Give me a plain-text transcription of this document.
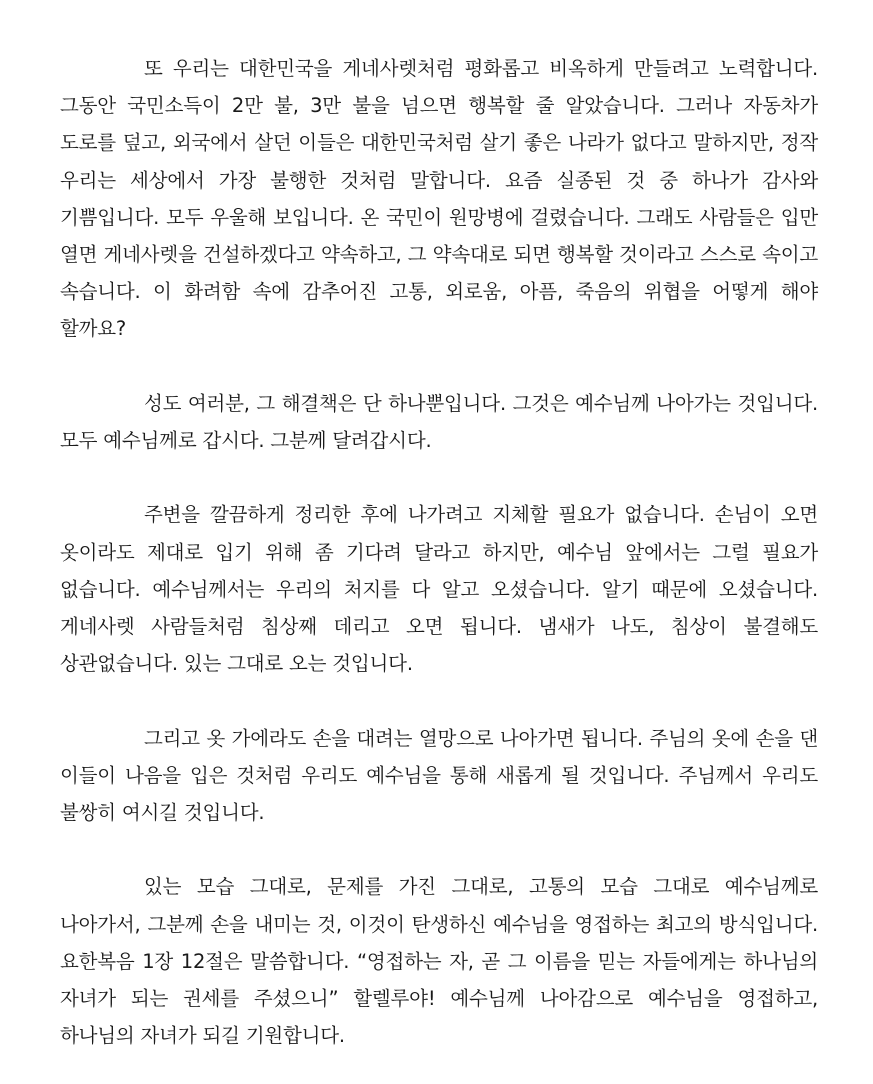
또 우리는 대한민국을 게네사렛처럼 평화롭고 비옥하게 만들려고 노력합니다. 그동안 국민소득이 2만 불, 3만 불을 넘으면 행복할 줄 알았습니다. 그러나 자동차가 도로를 덮고, 외국에서 살던 이들은 대한민국처럼 살기 좋은 나라가 없다고 말하지만, 정작 우리는 세상에서 가장 불행한 것처럼 말합니다. 요즘 실종된 것 중 하나가 감사와 기쁨입니다. 모두 우울해 보입니다. 온 국민이 원망병에 걸렸습니다. 그래도 사람들은 입만 열면 게네사렛을 건설하겠다고 약속하고, 그 약속대로 되면 행복할 것이라고 스스로 속이고 속습니다. 이 화려함 속에 감추어진 고통, 외로움, 아픔, 죽음의 위협을 어떻게 해야 할까요?

성도 여러분, 그 해결책은 단 하나뿐입니다. 그것은 예수님께 나아가는 것입니다. 모두 예수님께로 갑시다. 그분께 달려갑시다.

주변을 깔끔하게 정리한 후에 나가려고 지체할 필요가 없습니다. 손님이 오면 옷이라도 제대로 입기 위해 좀 기다려 달라고 하지만, 예수님 앞에서는 그럴 필요가 없습니다. 예수님께서는 우리의 처지를 다 알고 오셨습니다. 알기 때문에 오셨습니다. 게네사렛 사람들처럼 침상째 데리고 오면 됩니다. 냄새가 나도, 침상이 불결해도 상관없습니다. 있는 그대로 오는 것입니다.

그리고 옷 가에라도 손을 대려는 열망으로 나아가면 됩니다. 주님의 옷에 손을 댄 이들이 나음을 입은 것처럼 우리도 예수님을 통해 새롭게 될 것입니다. 주님께서 우리도 불쌍히 여시길 것입니다.

있는 모습 그대로, 문제를 가진 그대로, 고통의 모습 그대로 예수님께로 나아가서, 그분께 손을 내미는 것, 이것이 탄생하신 예수님을 영접하는 최고의 방식입니다. 요한복음 1장 12절은 말씀합니다. “영접하는 자, 곧 그 이름을 믿는 자들에게는 하나님의 자녀가 되는 권세를 주셨으니” 할렐루야! 예수님께 나아감으로 예수님을 영접하고, 하나님의 자녀가 되길 기원합니다.
